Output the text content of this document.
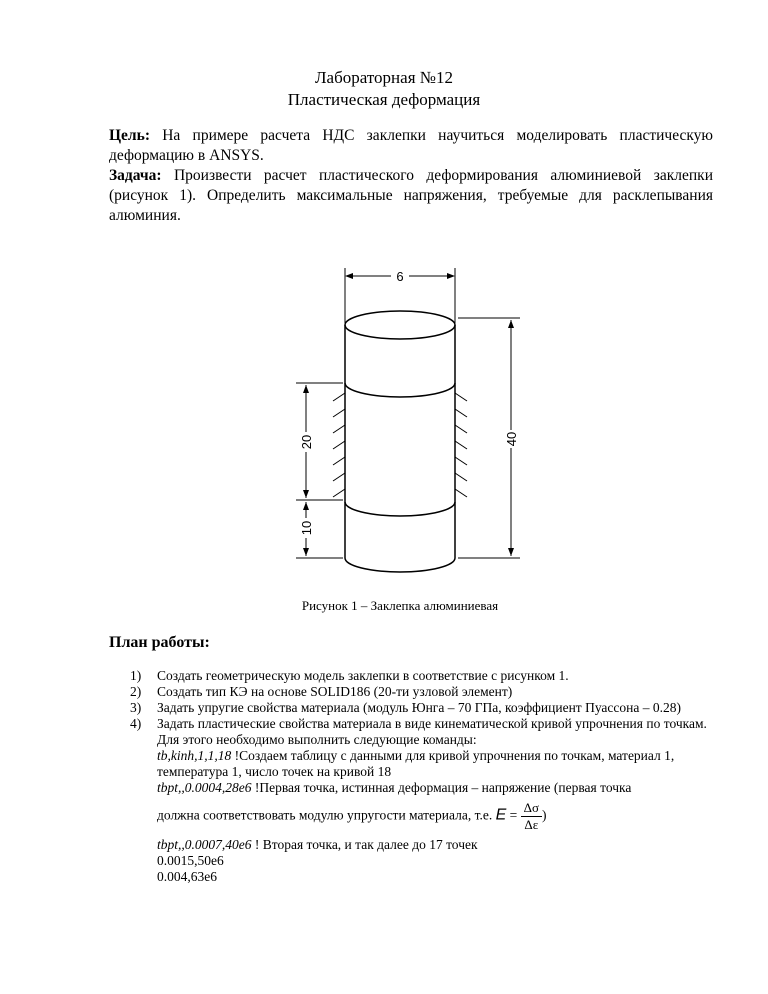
Лабораторная №12
Пластическая деформация
Цель: На примере расчета НДС заклепки научиться моделировать пластическую деформацию в ANSYS.
Задача: Произвести расчет пластического деформирования алюминиевой заклепки (рисунок 1). Определить максимальные напряжения, требуемые для расклепывания алюминия.
6
40
20
10
Рисунок 1 – Заклепка алюминиевая
План работы:
1) Создать геометрическую модель заклепки в соответствие с рисунком 1.
2) Создать тип КЭ на основе SOLID186 (20-ти узловой элемент)
3) Задать упругие свойства материала (модуль Юнга – 70 ГПа, коэффициент Пуассона – 0.28)
4) Задать пластические свойства материала в виде кинематической кривой упрочнения по точкам.
Для этого необходимо выполнить следующие команды:
tb,kinh,1,1,18 !Создаем таблицу с данными для кривой упрочнения по точкам, материал 1, температура 1, число точек на кривой 18
tbpt,,0.0004,28e6 !Первая точка, истинная деформация – напряжение (первая точка
должна соответствовать модулю упругости материала, т.е. $E = \frac{\Delta\sigma}{\Delta\varepsilon}$ )
tbpt,,0.0007,40e6 ! Вторая точка, и так далее до 17 точек
0.0015,50e6
0.004,63e6
